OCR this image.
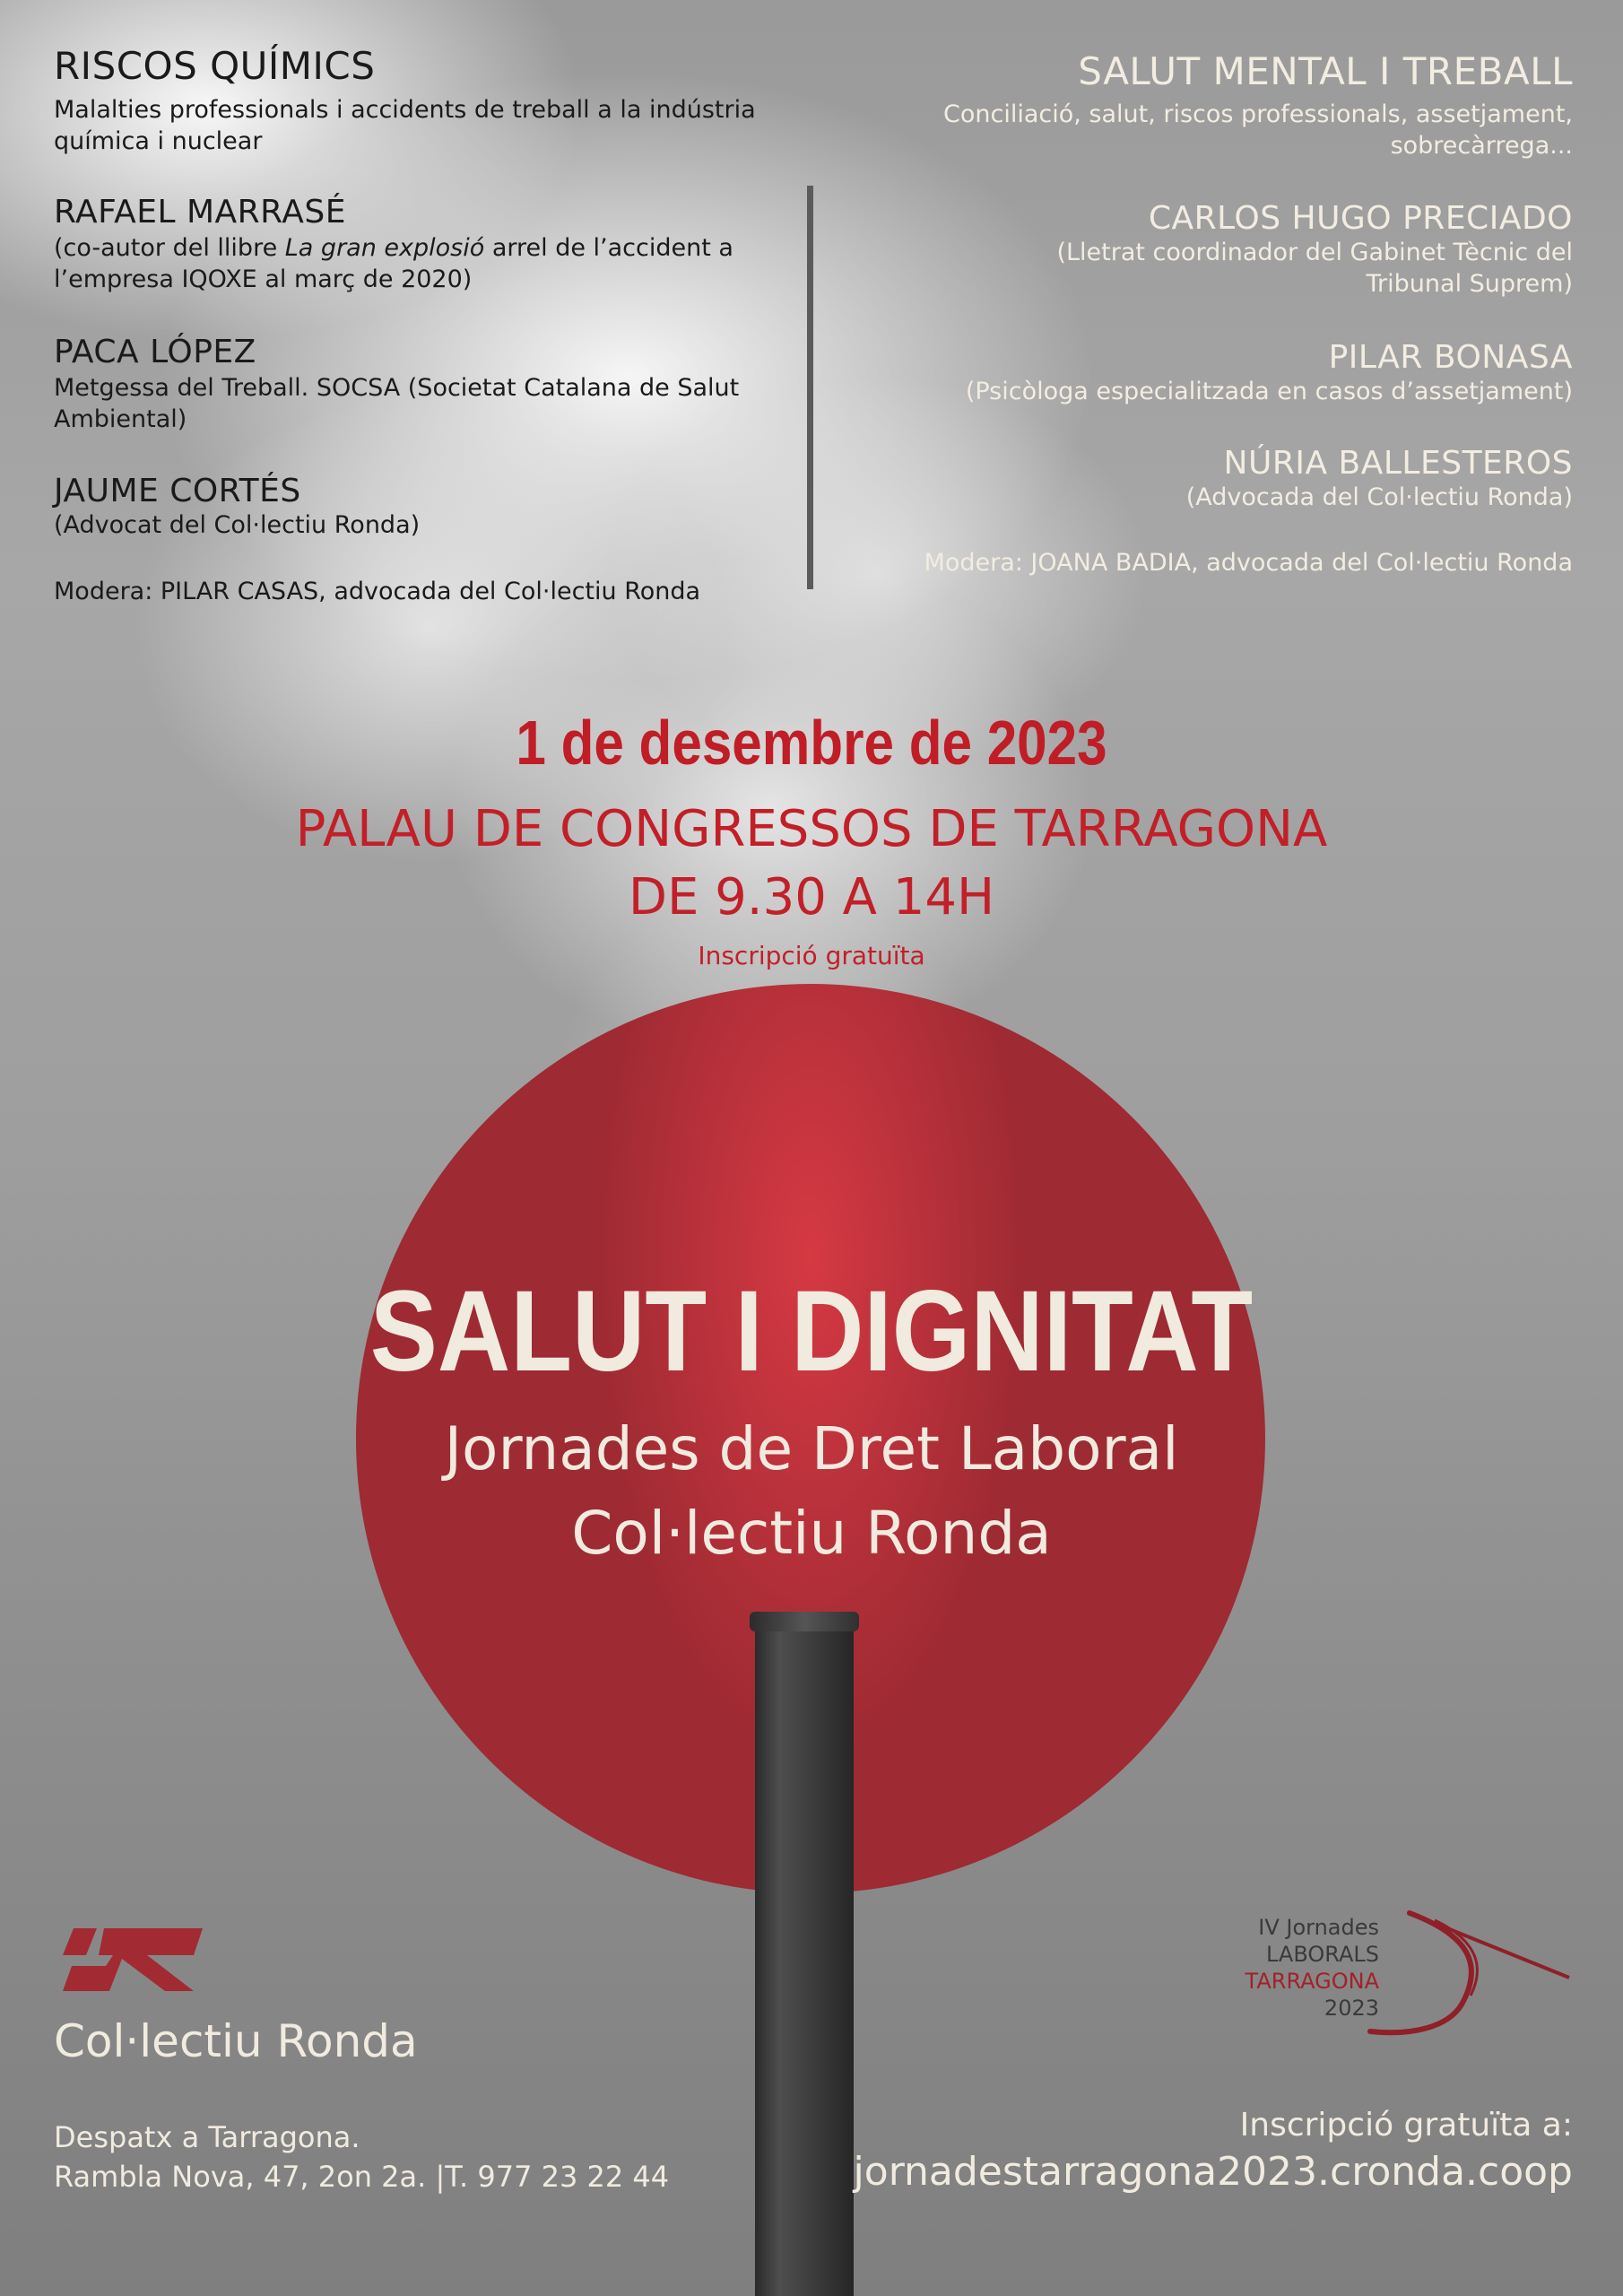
RISCOS QUÍMICS
Malalties professionals i accidents de treball a la indústria
química i nuclear
RAFAEL MARRASÉ
(co-autor del llibre La gran explosió arrel de l’accident a
l’empresa IQOXE al març de 2020)
PACA LÓPEZ
Metgessa del Treball. SOCSA (Societat Catalana de Salut
Ambiental)
JAUME CORTÉS
(Advocat del Col·lectiu Ronda)
Modera: PILAR CASAS, advocada del Col·lectiu Ronda
SALUT MENTAL I TREBALL
Conciliació, salut, riscos professionals, assetjament,
sobrecàrrega...
CARLOS HUGO PRECIADO
(Lletrat coordinador del Gabinet Tècnic del
Tribunal Suprem)
PILAR BONASA
(Psicòloga especialitzada en casos d’assetjament)
NÚRIA BALLESTEROS
(Advocada del Col·lectiu Ronda)
Modera: JOANA BADIA, advocada del Col·lectiu Ronda
1 de desembre de 2023
PALAU DE CONGRESSOS DE TARRAGONA
DE 9.30 A 14H
Inscripció gratuïta
SALUT I DIGNITAT
Jornades de Dret Laboral
Col·lectiu Ronda
Col·lectiu Ronda
Despatx a Tarragona.
Rambla Nova, 47, 2on 2a. |T. 977 23 22 44
IV Jornades
LABORALS
TARRAGONA
2023
Inscripció gratuïta a:
jornadestarragona2023.cronda.coop
